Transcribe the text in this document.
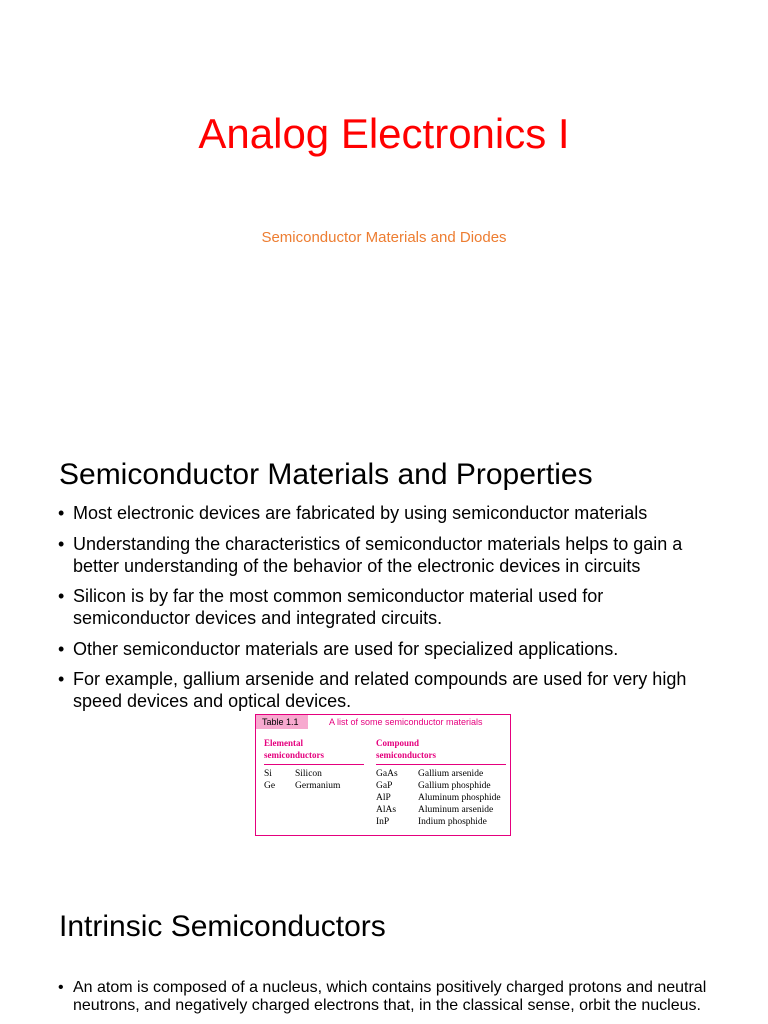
Analog Electronics I

Semiconductor Materials and Diodes

Semiconductor Materials and Properties
• Most electronic devices are fabricated by using semiconductor materials
• Understanding the characteristics of semiconductor materials helps to gain a better understanding of the behavior of the electronic devices in circuits
• Silicon is by far the most common semiconductor material used for semiconductor devices and integrated circuits.
• Other semiconductor materials are used for specialized applications.
• For example, gallium arsenide and related compounds are used for very high speed devices and optical devices.
Table 1.1	A list of some semiconductor materials
Elemental
semiconductors
Compound
semiconductors
Si Silicon
Ge Germanium
GaAs Gallium arsenide
GaP	Gallium phosphide
AlP	Aluminum phosphide
AlAs Aluminum arsenide
InP	Indium phosphide
Intrinsic Semiconductors
• An atom is composed of a nucleus, which contains positively charged protons and neutral neutrons, and negatively charged electrons that, in the classical sense, orbit the nucleus.
